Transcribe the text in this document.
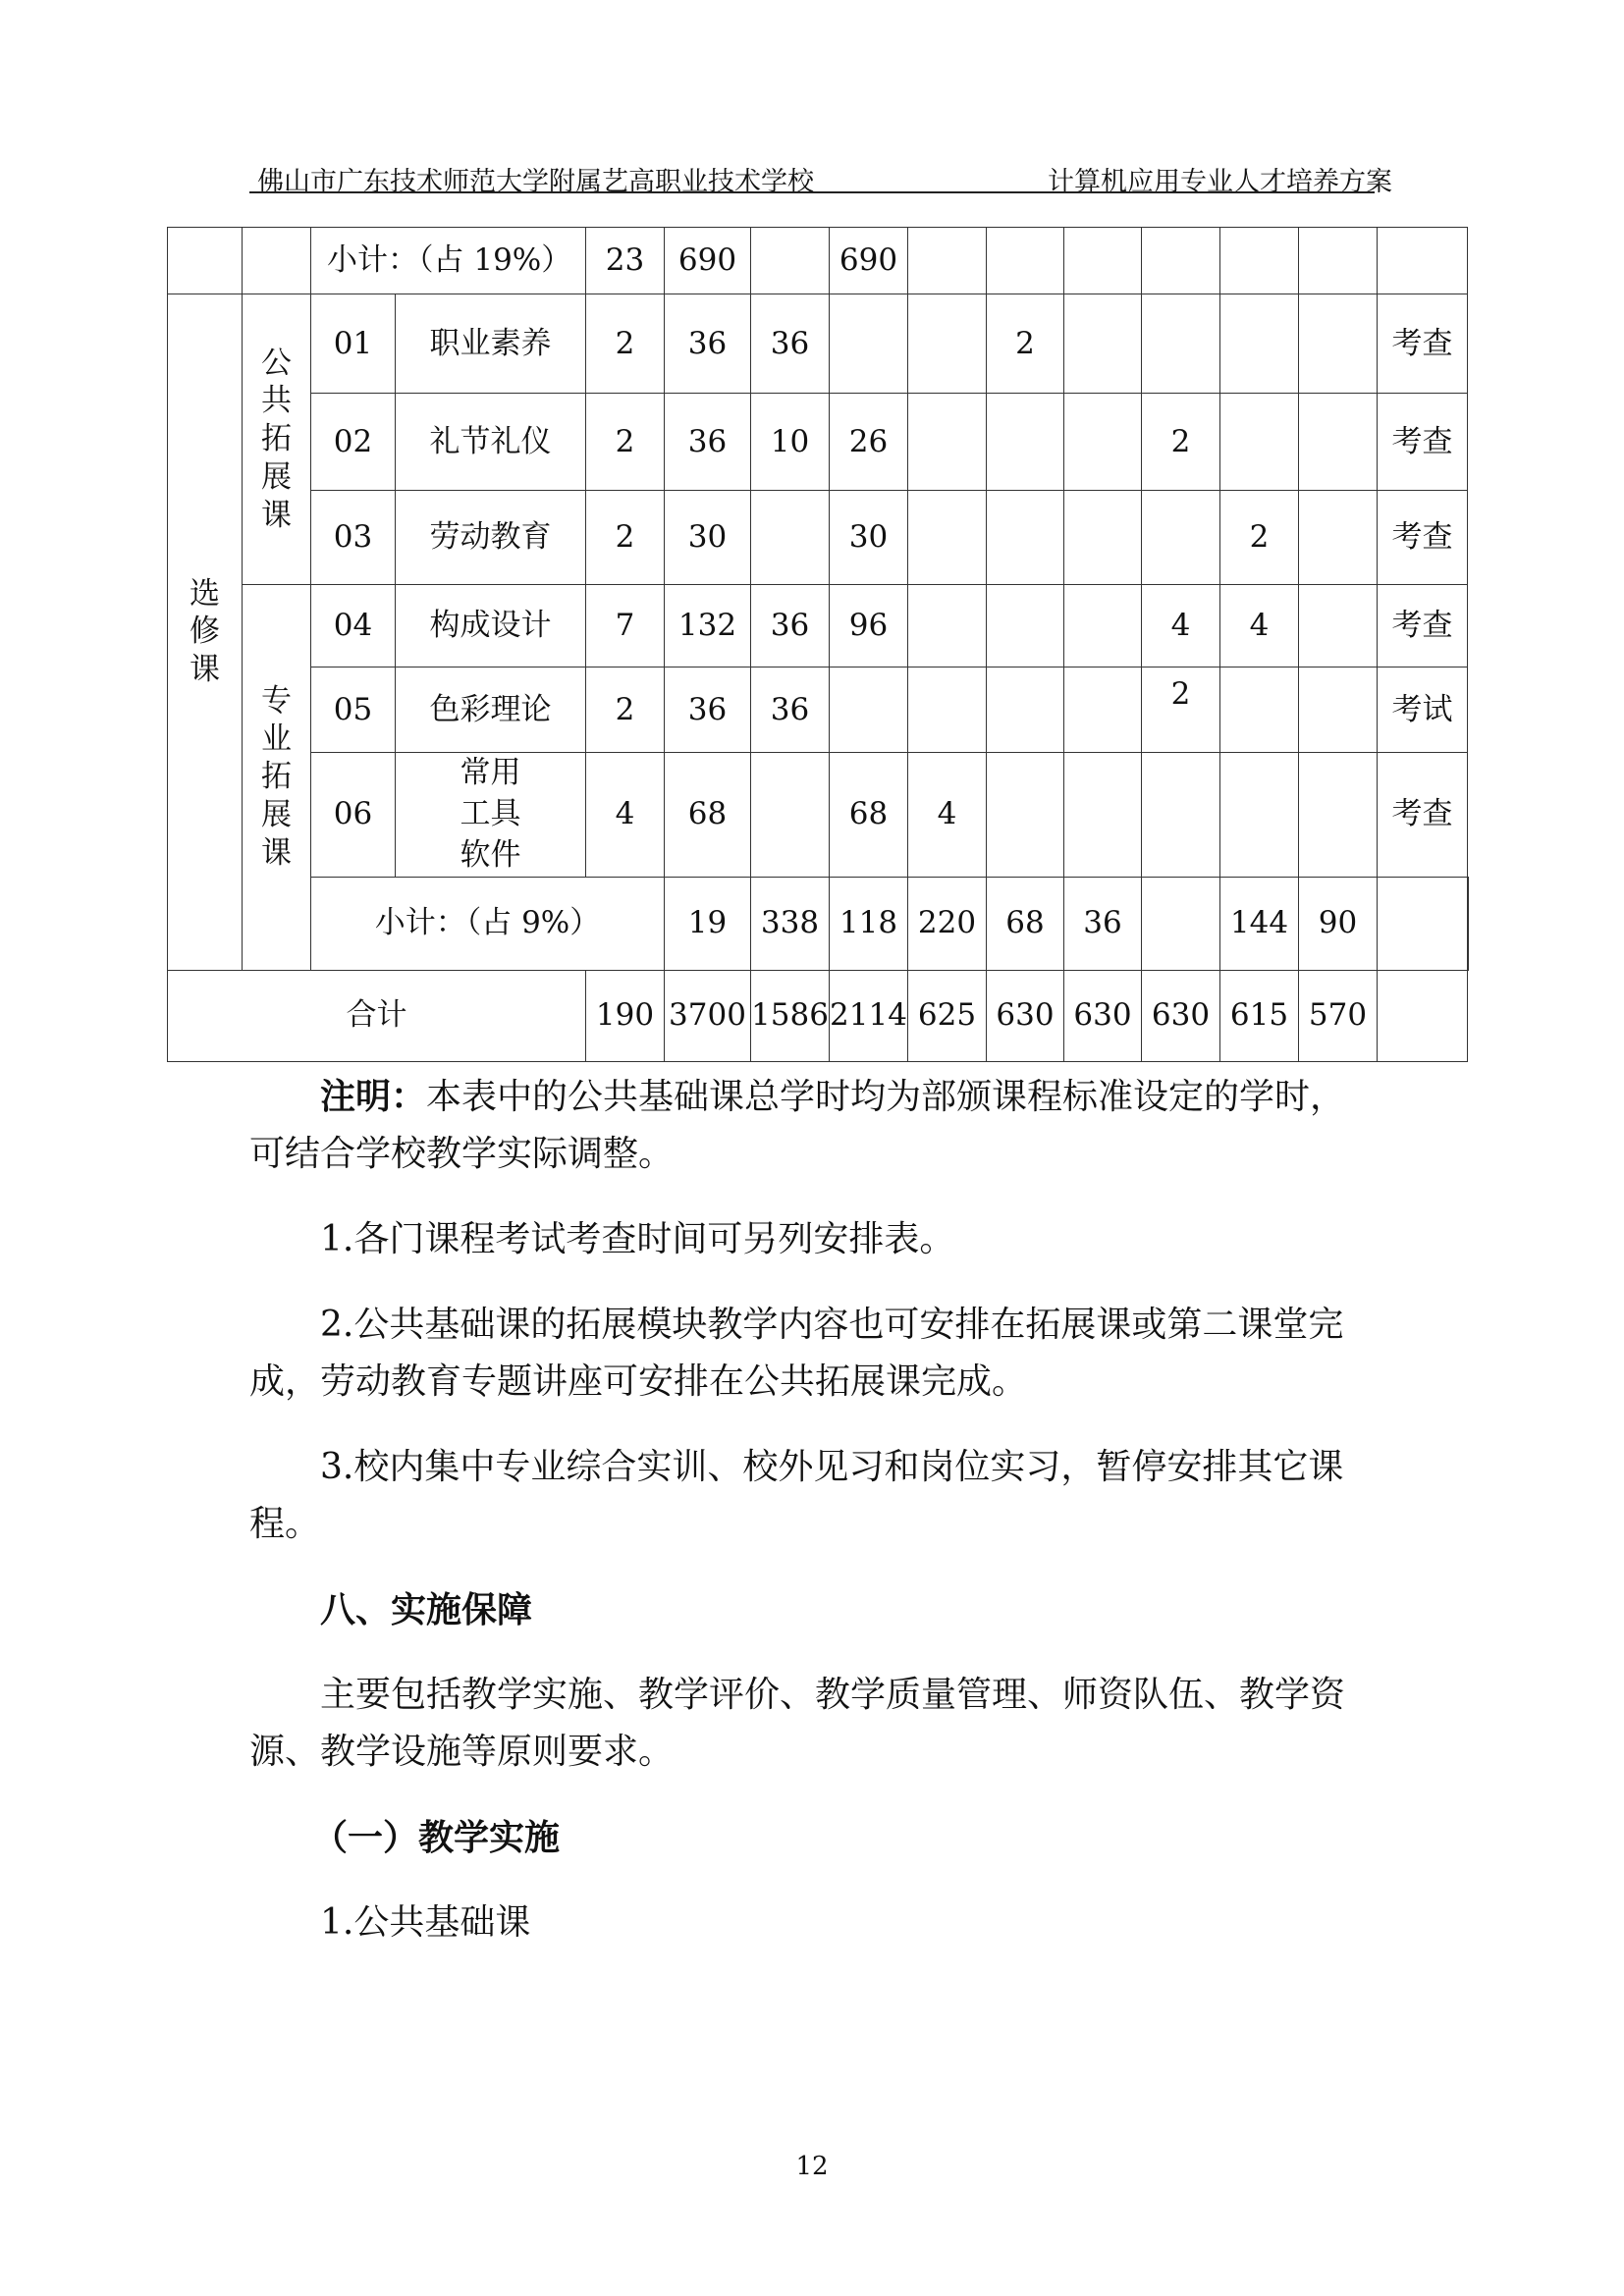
佛山市广东技术师范大学附属艺高职业技术学校	计算机应用专业人才培养方案
		小计：（占 19%）		23	690		690								

选修课	公共拓展课	01	职业素养	2	36	36			2					考查	
		02	礼节礼仪	2	36	10	26				2			考查	
		03	劳动教育	2	30		30					2		考查	

	专业拓展课	04	构成设计	7	132	36	96				4	4		考查	
		05	色彩理论	2	36	36					2			考试	
		06	常用工具软件	4	68		68	4						考查	
		小计：（占 9%）			19	338	118	220	68	36		144	90		
合计				190	3700	1586	2114	625	630	630	630	615	570		

注明：本表中的公共基础课总学时均为部颁课程标准设定的学时，可结合学校教学实际调整。

1.各门课程考试考查时间可另列安排表。

2.公共基础课的拓展模块教学内容也可安排在拓展课或第二课堂完成，劳动教育专题讲座可安排在公共拓展课完成。

3.校内集中专业综合实训、校外见习和岗位实习，暂停安排其它课程。

八、实施保障

主要包括教学实施、教学评价、教学质量管理、师资队伍、教学资源、教学设施等原则要求。

（一）教学实施

1.公共基础课

12
